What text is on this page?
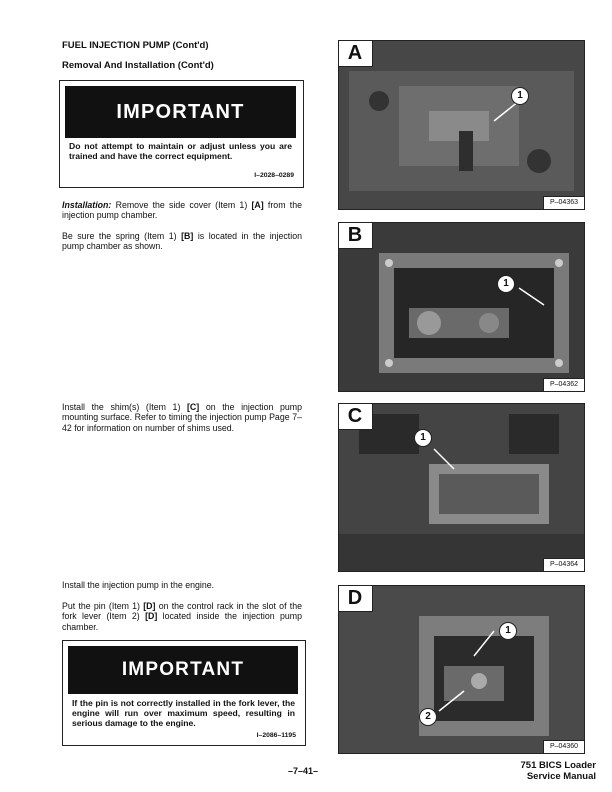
FUEL INJECTION PUMP (Cont'd)
Removal And Installation (Cont'd)
IMPORTANT
Do not attempt to maintain or adjust unless you are trained and have the correct equipment.
I–2028–0289
Installation: Remove the side cover (Item 1) [A] from the injection pump chamber.
Be sure the spring (Item 1) [B] is located in the injection pump chamber as shown.
Install the shim(s) (Item 1) [C] on the injection pump mounting surface. Refer to timing the injection pump Page 7–42 for information on number of shims used.
Install the injection pump in the engine.
Put the pin (Item 1) [D] on the control rack in the slot of the fork lever (Item 2) [D] located inside the injection pump chamber.
IMPORTANT
If the pin is not correctly installed in the fork lever, the engine will run over maximum speed, resulting in serious damage to the engine.
I–2086–1195
A
1
P–04363
B
1
P–04362
C
1
P–04364
D
1
2
P–04360
–7–41–	751 BICS Loader
Service Manual
